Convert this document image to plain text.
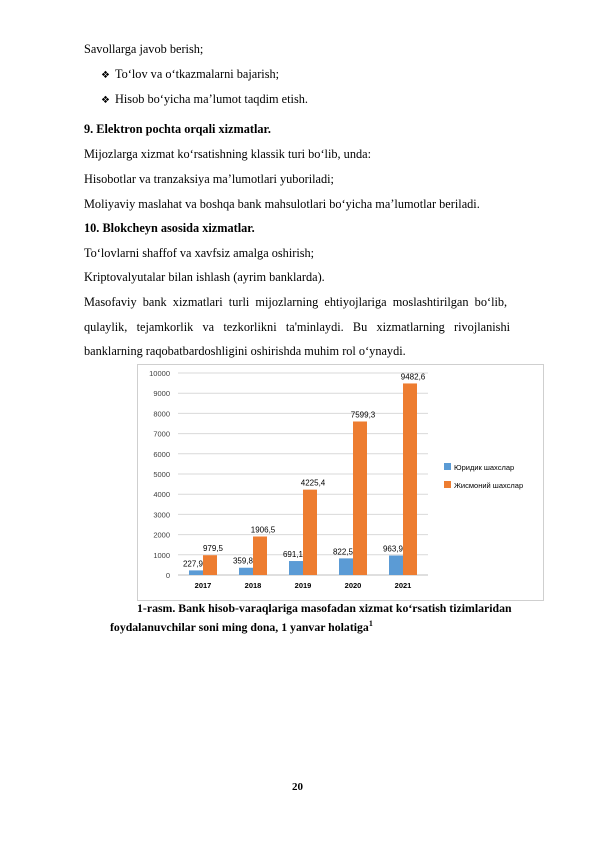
Savollarga javob berish;
❖ To‘lov va o‘tkazmalarni bajarish;
❖ Hisob bo‘yicha ma’lumot taqdim etish.
9. Elektron pochta orqali xizmatlar.
Mijozlarga xizmat ko‘rsatishning klassik turi bo‘lib, unda:
Hisobotlar va tranzaksiya ma’lumotlari yuboriladi;
Moliyaviy maslahat va boshqa bank mahsulotlari bo‘yicha ma’lumotlar beriladi.
10. Blokcheyn asosida xizmatlar.
To‘lovlarni shaffof va xavfsiz amalga oshirish;
Kriptovalyutalar bilan ishlash (ayrim banklarda).
Masofaviy  bank  xizmatlari  turli  mijozlarning  ehtiyojlariga  moslashtirilgan  bo‘lib,
qulaylik,   tejamkorlik   va   tezkorlikni   ta'minlaydi.   Bu   xizmatlarning   rivojlanishi
banklarning raqobatbardoshligini oshirishda muhim rol o‘ynaydi.
0
1000
2000
3000
4000
5000
6000
7000
8000
9000
10000
227,9
979,5
2017
359,8
1906,5
2018
691,1
4225,4
2019
822,5
7599,3
2020
963,9
9482,6
2021
Юридик шахслар
Жисмоний шахслар
1-rasm. Bank hisob-varaqlariga masofadan xizmat ko‘rsatish tizimlaridan
foydalanuvchilar soni ming dona, 1 yanvar holatiga$^1$
20
